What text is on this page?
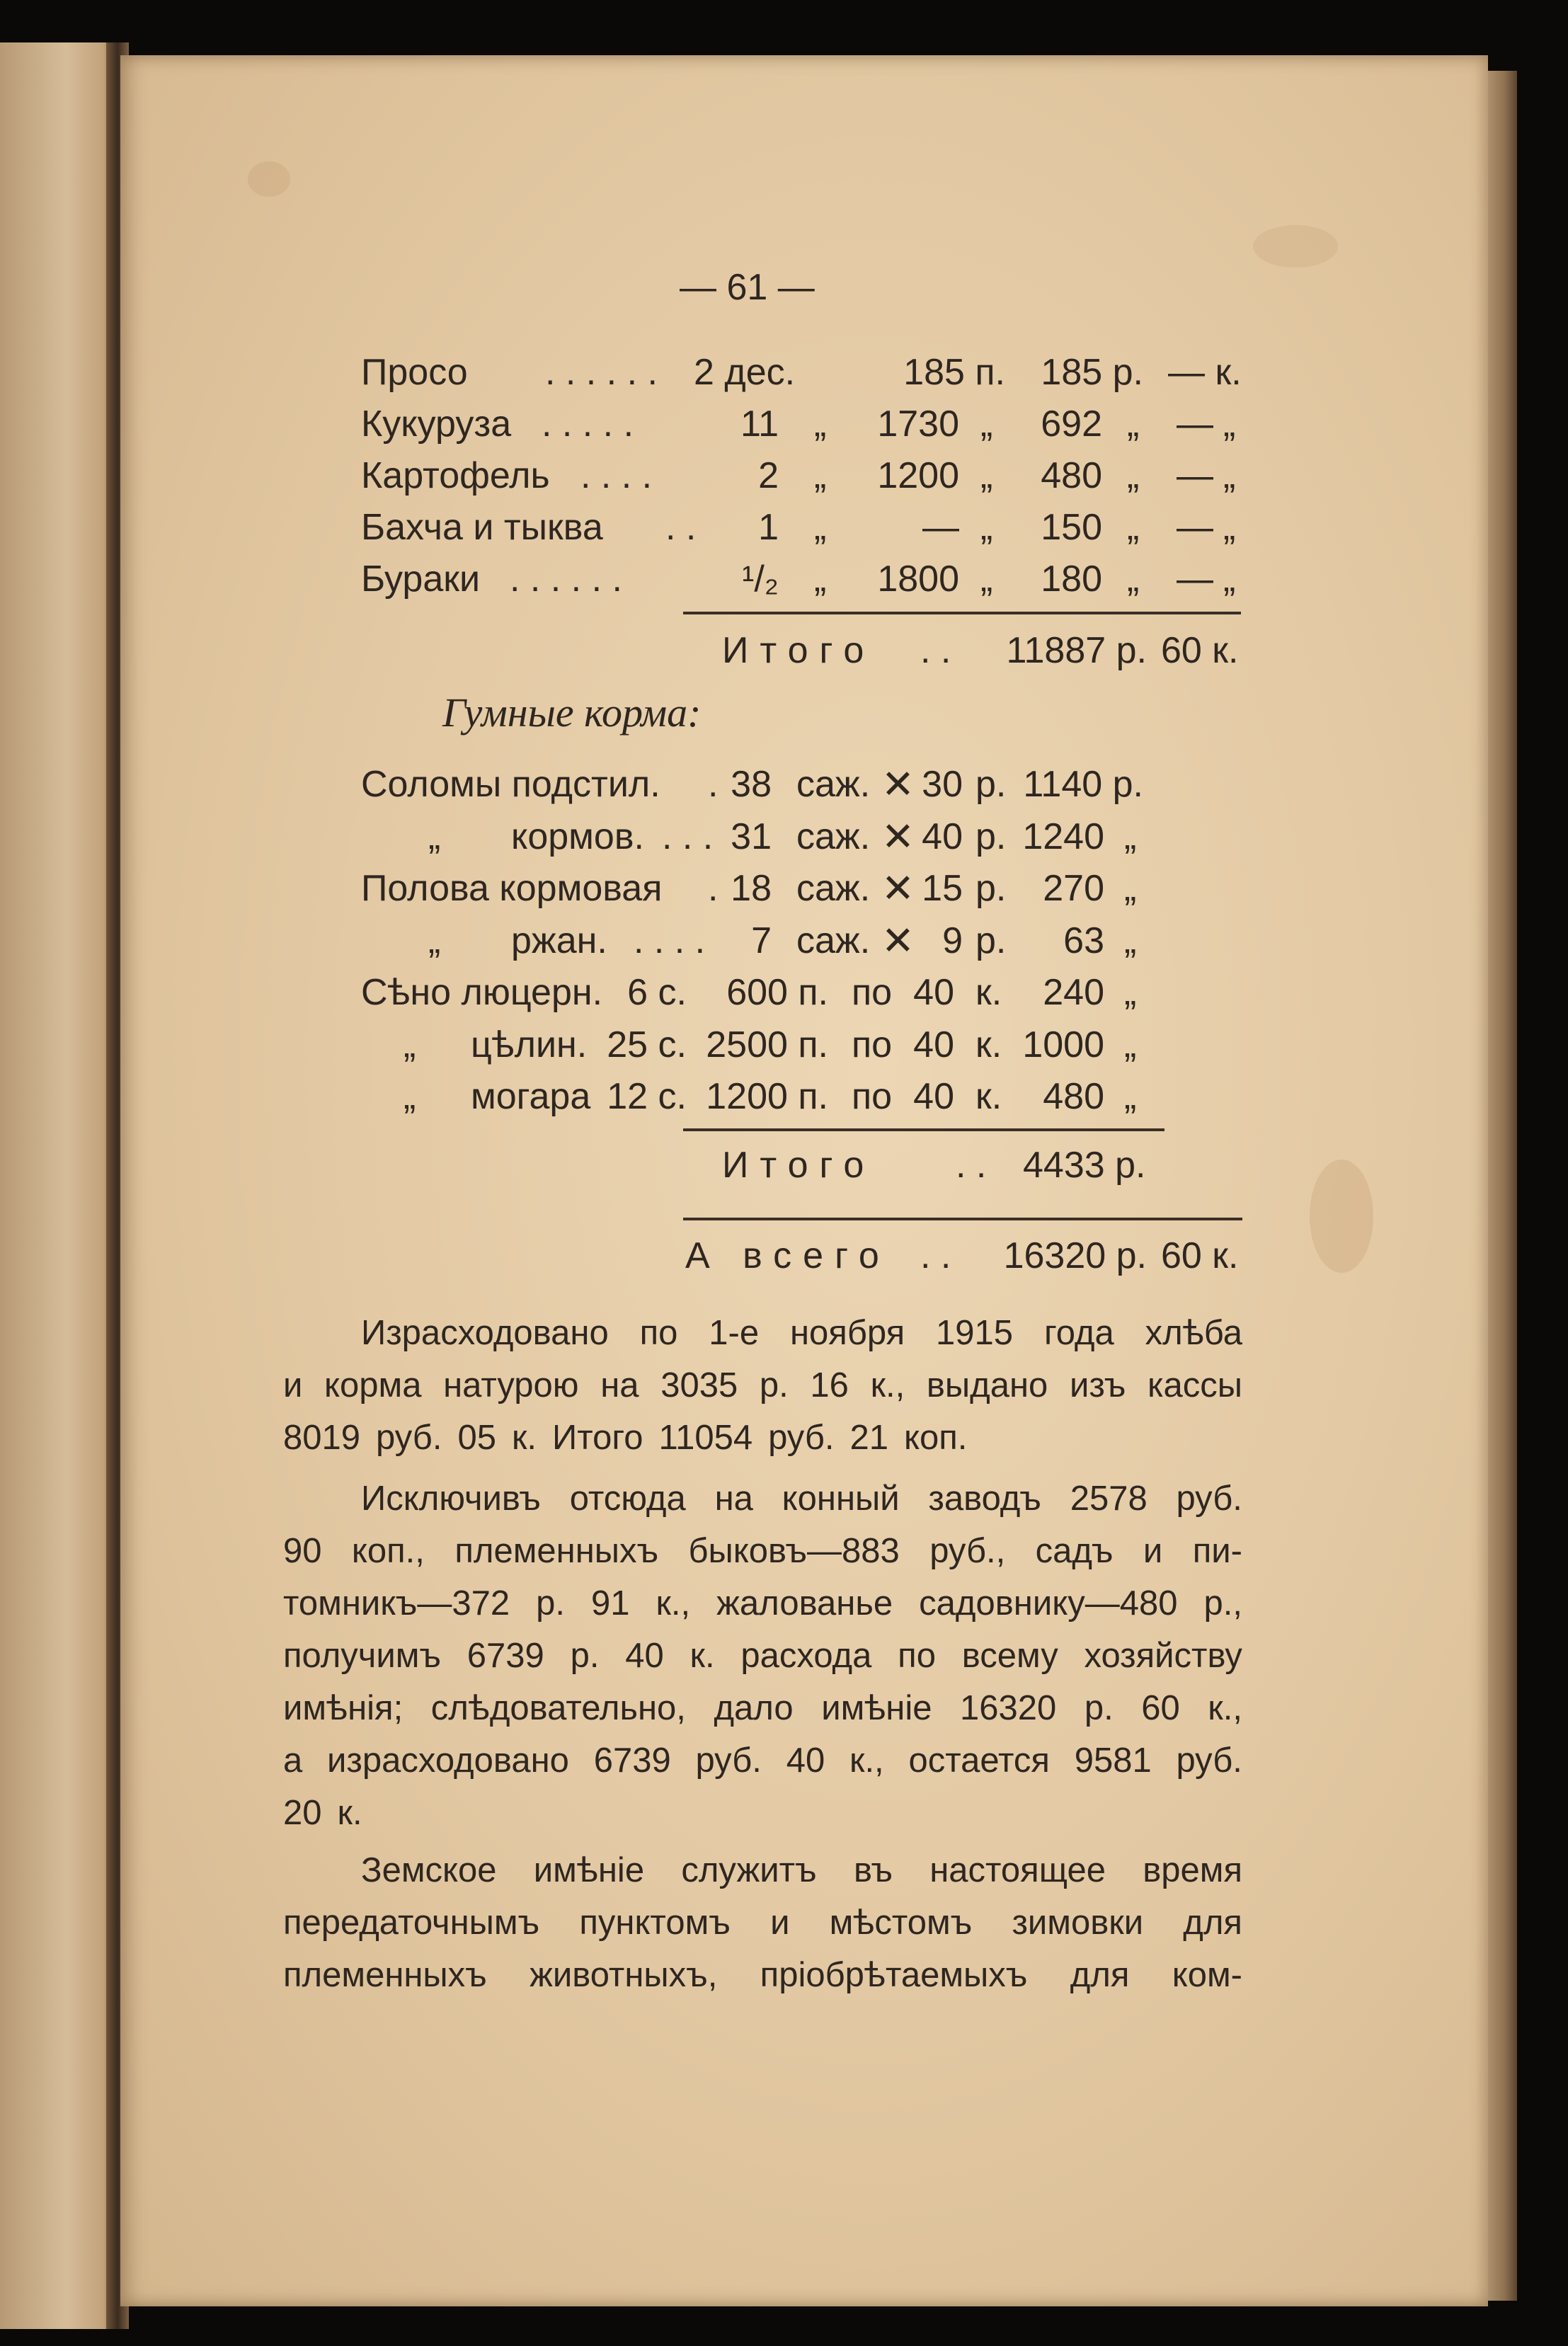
— 61 —
Просо . . . . . . 2 дес.	185 п. 185 р. — к.
Кукуруза . . . . .	11 „	1730 „	692 „ — „
Картофель . . . .	2 „	1200 „	480 „ — „
Бахча и тыква . .	1 „	— „	150 „ — „
Бураки . . . . . .	¹/₂ „	1800 „	180 „ — „
Итого . .	11887 р. 60 к.
Гумные корма:
Соломы подстил. . 38 саж. ✕ 30 р. 1140 р.
„ кормов. . . . 31 саж. ✕ 40 р. 1240 „
Полова кормовая . 18 саж. ✕ 15 р. 270 „
„ ржан. . . . .	7 саж. ✕ 9 р.	63 „
Сѣно люцерн. 6 с.	600 п. по 40 к.	240 „
„ цѣлин. 25 с. 2500 п. по 40 к. 1000 „
„ могара 12 с. 1200 п. по 40 к.	480 „
Итого . . 4433 р.
А всего . .	16320 р. 60 к.
Израсходовано по 1-е ноября 1915 года хлѣба
и корма натурою на 3035 р. 16 к., выдано изъ кассы
8019 руб. 05 к. Итого 11054 руб. 21 коп.
Исключивъ отсюда на конный заводъ 2578 руб.
90 коп., племенныхъ быковъ—883 руб., садъ и пи-
томникъ—372 р. 91 к., жалованье садовнику—480 р.,
получимъ 6739 р. 40 к. расхода по всему хозяйству
имѣнія; слѣдовательно, дало имѣніе 16320 р. 60 к.,
а израсходовано 6739 руб. 40 к., остается 9581 руб.
20 к.
Земское имѣніе служитъ въ настоящее время
передаточнымъ пунктомъ и мѣстомъ зимовки для
племенныхъ животныхъ, пріобрѣтаемыхъ для ком-
